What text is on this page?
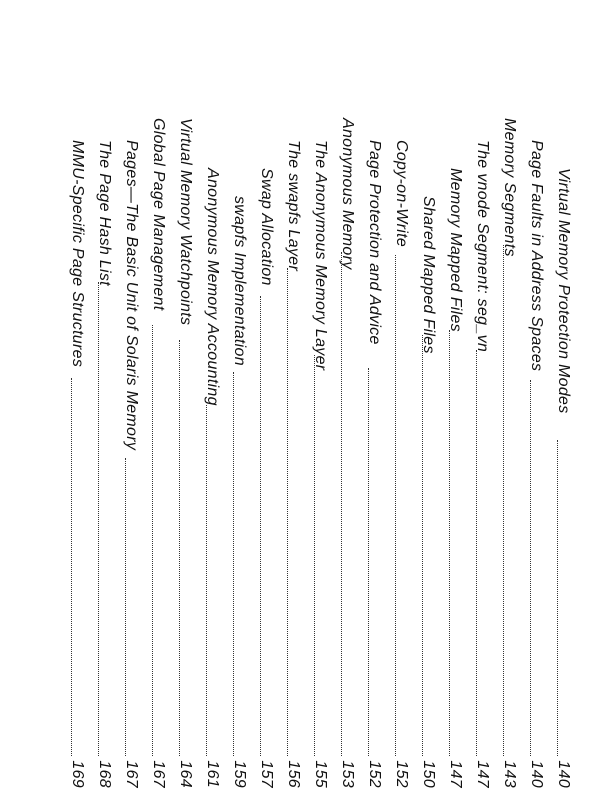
Virtual Memory Protection Modes
140
Page Faults in Address Spaces
140
Memory Segments
143
The vnode Segment: seg_vn
147
Memory Mapped Files
147
Shared Mapped Files
150
Copy-on-Write
152
Page Protection and Advice
152
Anonymous Memory
153
The Anonymous Memory Layer
155
The swapfs Layer
156
Swap Allocation
157
swapfs Implementation
159
Anonymous Memory Accounting
161
Virtual Memory Watchpoints
164
Global Page Management
167
Pages—The Basic Unit of Solaris Memory
167
The Page Hash List
168
MMU-Specific Page Structures
169
